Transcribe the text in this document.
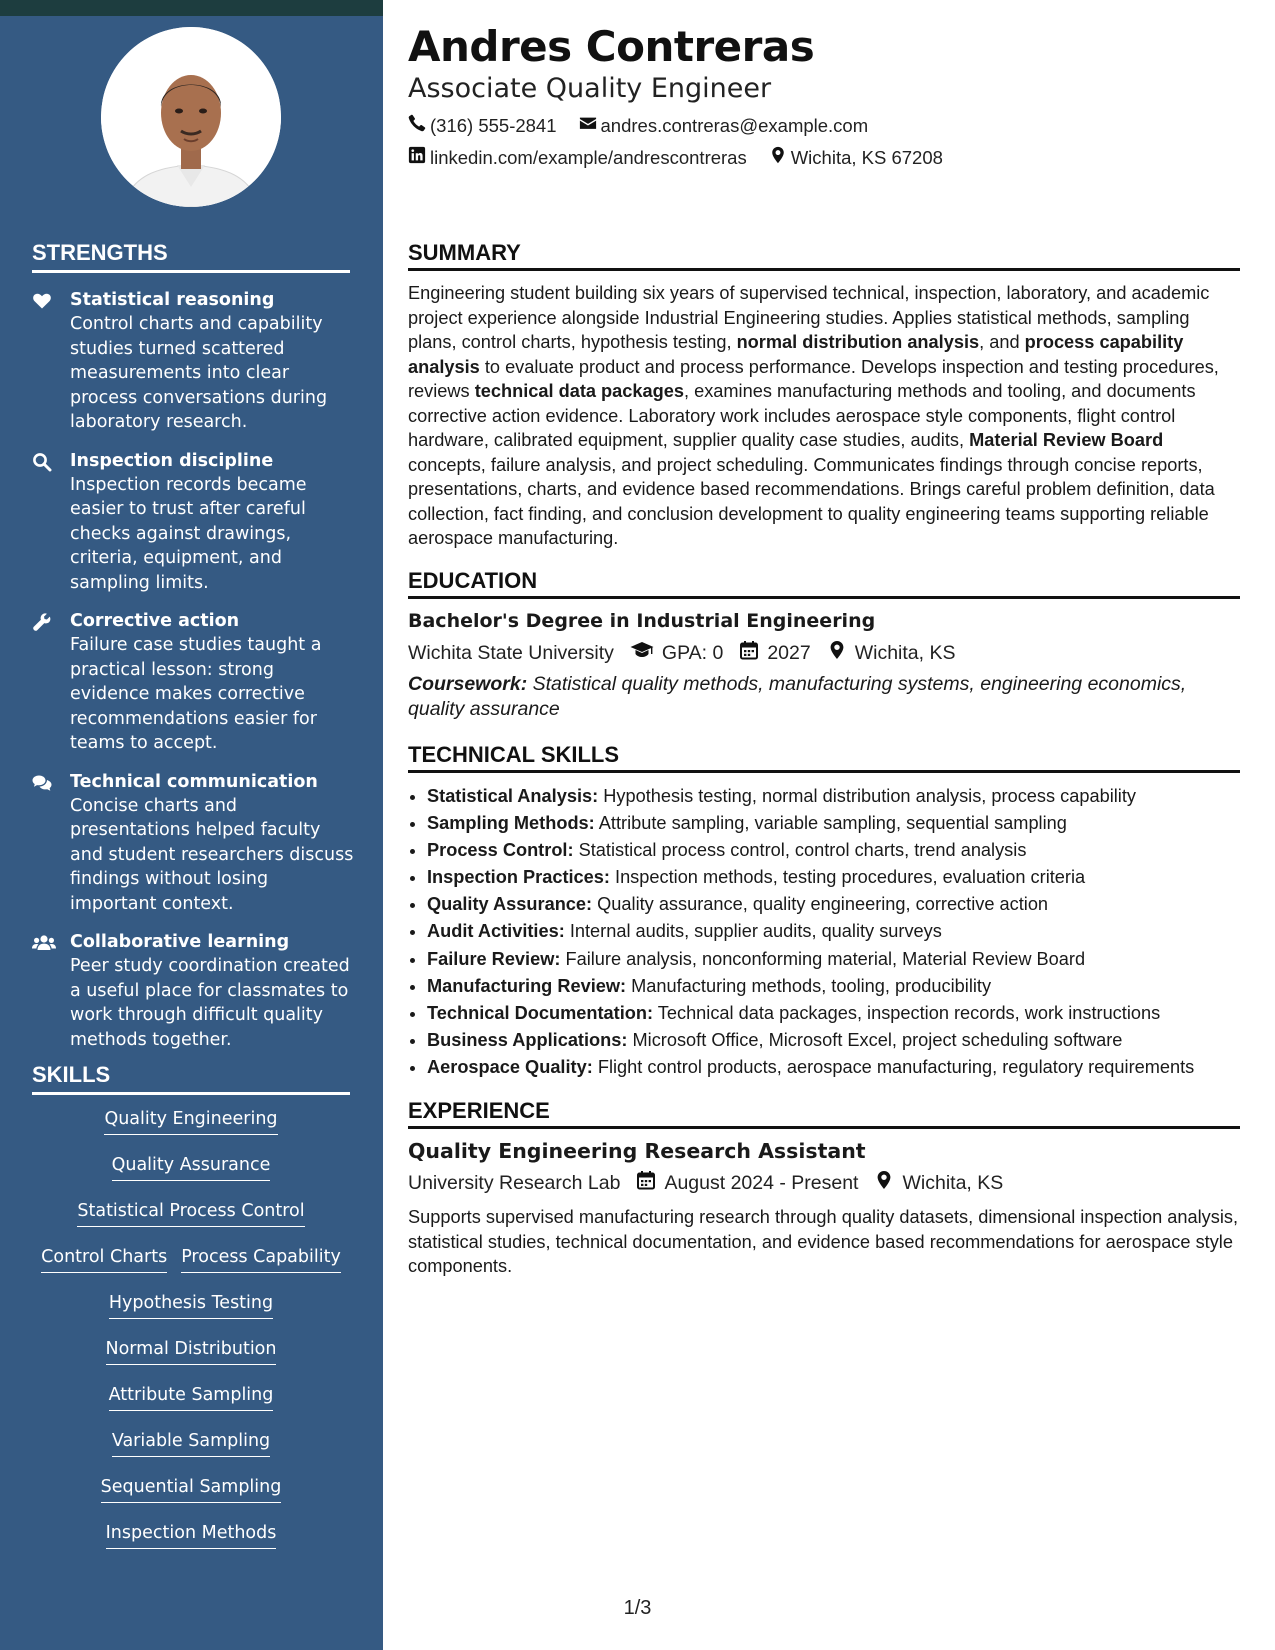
STRENGTHS
Statistical reasoning
Control charts and capability studies turned scattered measurements into clear process conversations during laboratory research.
Inspection discipline
Inspection records became easier to trust after careful checks against drawings, criteria, equipment, and sampling limits.
Corrective action
Failure case studies taught a practical lesson: strong evidence makes corrective recommendations easier for teams to accept.
Technical communication
Concise charts and presentations helped faculty and student researchers discuss findings without losing important context.
Collaborative learning
Peer study coordination created a useful place for classmates to work through difficult quality methods together.
SKILLS
Quality Engineering
Quality Assurance
Statistical Process Control
Control Charts Process Capability
Hypothesis Testing
Normal Distribution
Attribute Sampling
Variable Sampling
Sequential Sampling
Inspection Methods
Andres Contreras
Associate Quality Engineer
(316) 555-2841 andres.contreras@example.com
linkedin.com/example/andrescontreras Wichita, KS 67208
SUMMARY
Engineering student building six years of supervised technical, inspection, laboratory, and academic project experience alongside Industrial Engineering studies. Applies statistical methods, sampling plans, control charts, hypothesis testing, normal distribution analysis, and process capability analysis to evaluate product and process performance. Develops inspection and testing procedures, reviews technical data packages, examines manufacturing methods and tooling, and documents corrective action evidence. Laboratory work includes aerospace style components, flight control hardware, calibrated equipment, supplier quality case studies, audits, Material Review Board concepts, failure analysis, and project scheduling. Communicates findings through concise reports, presentations, charts, and evidence based recommendations. Brings careful problem definition, data collection, fact finding, and conclusion development to quality engineering teams supporting reliable aerospace manufacturing.
EDUCATION
Bachelor's Degree in Industrial Engineering
Wichita State University GPA: 0 2027 Wichita, KS
Coursework: Statistical quality methods, manufacturing systems, engineering economics, quality assurance
TECHNICAL SKILLS
• Statistical Analysis: Hypothesis testing, normal distribution analysis, process capability
• Sampling Methods: Attribute sampling, variable sampling, sequential sampling
• Process Control: Statistical process control, control charts, trend analysis
• Inspection Practices: Inspection methods, testing procedures, evaluation criteria
• Quality Assurance: Quality assurance, quality engineering, corrective action
• Audit Activities: Internal audits, supplier audits, quality surveys
• Failure Review: Failure analysis, nonconforming material, Material Review Board
• Manufacturing Review: Manufacturing methods, tooling, producibility
• Technical Documentation: Technical data packages, inspection records, work instructions
• Business Applications: Microsoft Office, Microsoft Excel, project scheduling software
• Aerospace Quality: Flight control products, aerospace manufacturing, regulatory requirements
EXPERIENCE
Quality Engineering Research Assistant
University Research Lab August 2024 - Present Wichita, KS
Supports supervised manufacturing research through quality datasets, dimensional inspection analysis, statistical studies, technical documentation, and evidence based recommendations for aerospace style components.
1/3
